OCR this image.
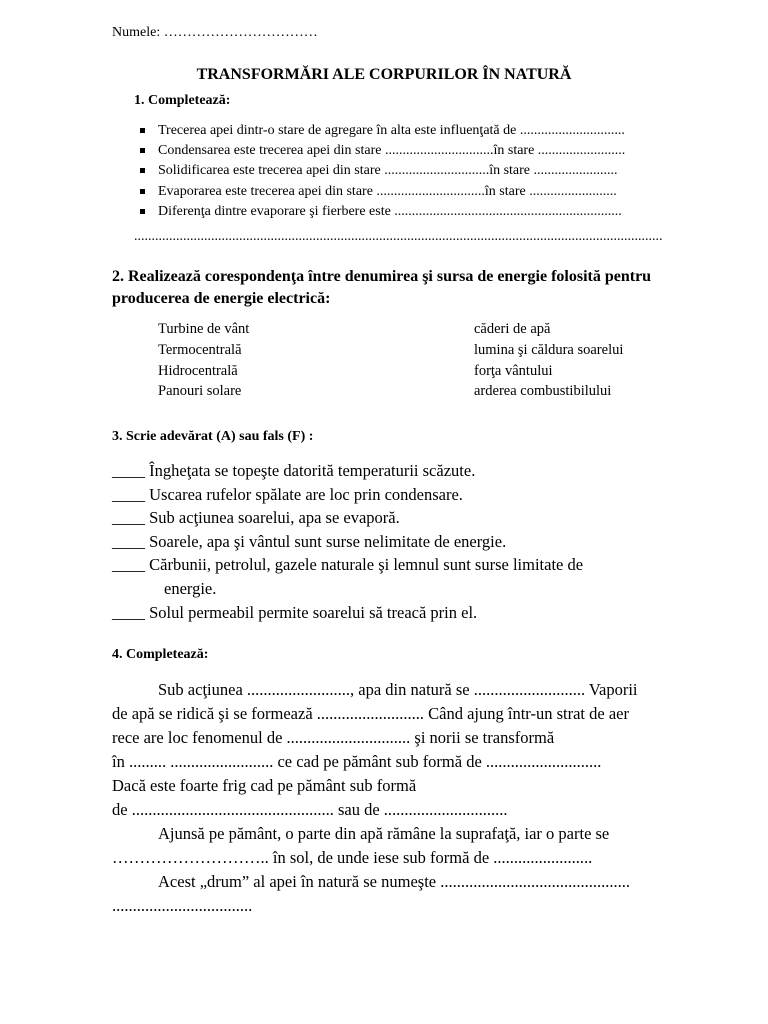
Numele: ……………………………
TRANSFORMĂRI ALE CORPURILOR ÎN NATURĂ
1. Completează:
Trecerea apei dintr-o stare de agregare în alta este influenţată de ..............................
Condensarea este trecerea apei din stare ...............................în stare .........................
Solidificarea este trecerea apei din stare ..............................în stare ........................
Evaporarea este trecerea apei din stare ...............................în stare .........................
Diferenţa dintre evaporare şi fierbere este .................................................................
.......................................................................................................................................................
2. Realizează corespondenţa între denumirea şi sursa de energie folosită pentru
producerea de energie electrică:
Turbine de vânt	căderi de apă
Termocentrală	lumina şi căldura soarelui
Hidrocentrală	forţa vântului
Panouri solare	arderea combustibilului
3. Scrie adevărat (A) sau fals (F) :
____ Îngheţata se topeşte datorită temperaturii scăzute.
____ Uscarea rufelor spălate are loc prin condensare.
____ Sub acţiunea soarelui, apa se evaporă.
____ Soarele, apa şi vântul sunt surse nelimitate de energie.
____ Cărbunii, petrolul, gazele naturale şi lemnul sunt surse limitate de
energie.
____ Solul permeabil permite soarelui să treacă prin el.
4. Completează:
Sub acţiunea ........................., apa din natură se ........................... Vaporii
de apă se ridică şi se formează .......................... Când ajung într-un strat de aer
rece are loc fenomenul de .............................. şi norii se transformă
în ......... ......................... ce cad pe pământ sub formă de ............................
Dacă este foarte frig cad pe pământ sub formă
de ................................................. sau de ..............................
Ajunsă pe pământ, o parte din apă rămâne la suprafaţă, iar o parte se
……………………….. în sol, de unde iese sub formă de ........................
Acest „drum” al apei în natură se numeşte ..............................................
..................................
